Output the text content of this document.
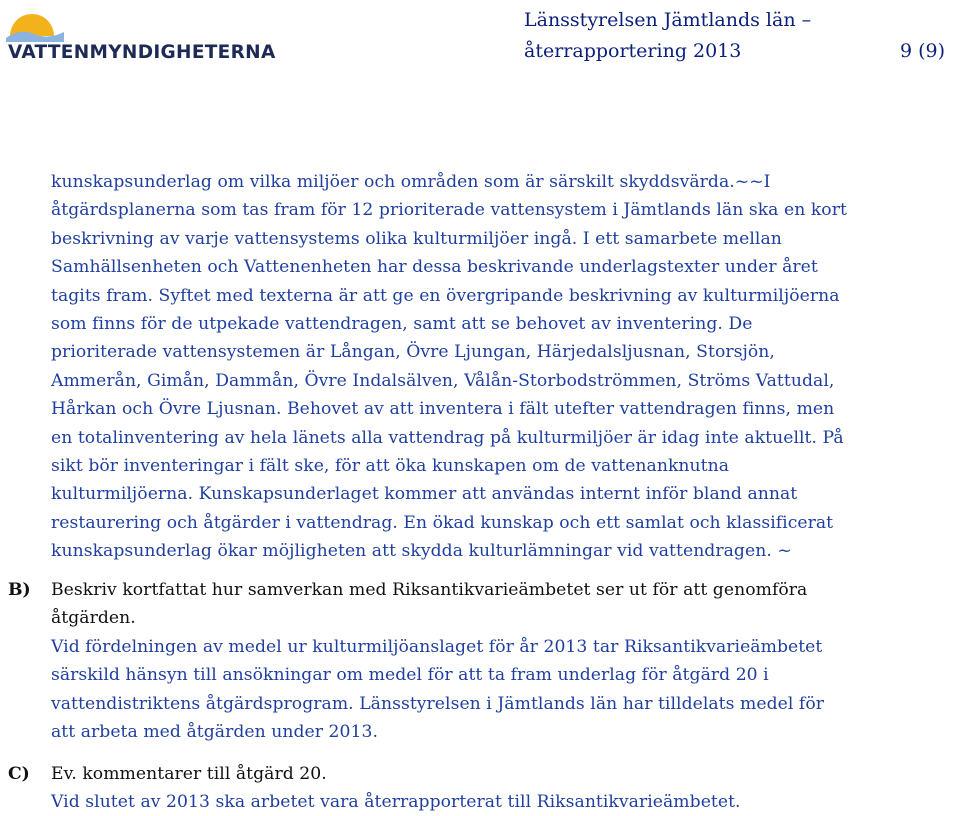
VATTENMYNDIGHETERNA
Länsstyrelsen Jämtlands län –
återrapportering 2013	9 (9)
kunskapsunderlag om vilka miljöer och områden som är särskilt skyddsvärda.~~I
åtgärdsplanerna som tas fram för 12 prioriterade vattensystem i Jämtlands län ska en kort
beskrivning av varje vattensystems olika kulturmiljöer ingå. I ett samarbete mellan
Samhällsenheten och Vattenenheten har dessa beskrivande underlagstexter under året
tagits fram. Syftet med texterna är att ge en övergripande beskrivning av kulturmiljöerna
som finns för de utpekade vattendragen, samt att se behovet av inventering. De
prioriterade vattensystemen är Långan, Övre Ljungan, Härjedalsljusnan, Storsjön,
Ammerån, Gimån, Dammån, Övre Indalsälven, Vålån-Storbodströmmen, Ströms Vattudal,
Hårkan och Övre Ljusnan. Behovet av att inventera i fält utefter vattendragen finns, men
en totalinventering av hela länets alla vattendrag på kulturmiljöer är idag inte aktuellt. På
sikt bör inventeringar i fält ske, för att öka kunskapen om de vattenanknutna
kulturmiljöerna. Kunskapsunderlaget kommer att användas internt inför bland annat
restaurering och åtgärder i vattendrag. En ökad kunskap och ett samlat och klassificerat
kunskapsunderlag ökar möjligheten att skydda kulturlämningar vid vattendragen. ~
B) Beskriv kortfattat hur samverkan med Riksantikvarieämbetet ser ut för att genomföra
åtgärden.
Vid fördelningen av medel ur kulturmiljöanslaget för år 2013 tar Riksantikvarieämbetet
särskild hänsyn till ansökningar om medel för att ta fram underlag för åtgärd 20 i
vattendistriktens åtgärdsprogram. Länsstyrelsen i Jämtlands län har tilldelats medel för
att arbeta med åtgärden under 2013.
C) Ev. kommentarer till åtgärd 20.
Vid slutet av 2013 ska arbetet vara återrapporterat till Riksantikvarieämbetet.
